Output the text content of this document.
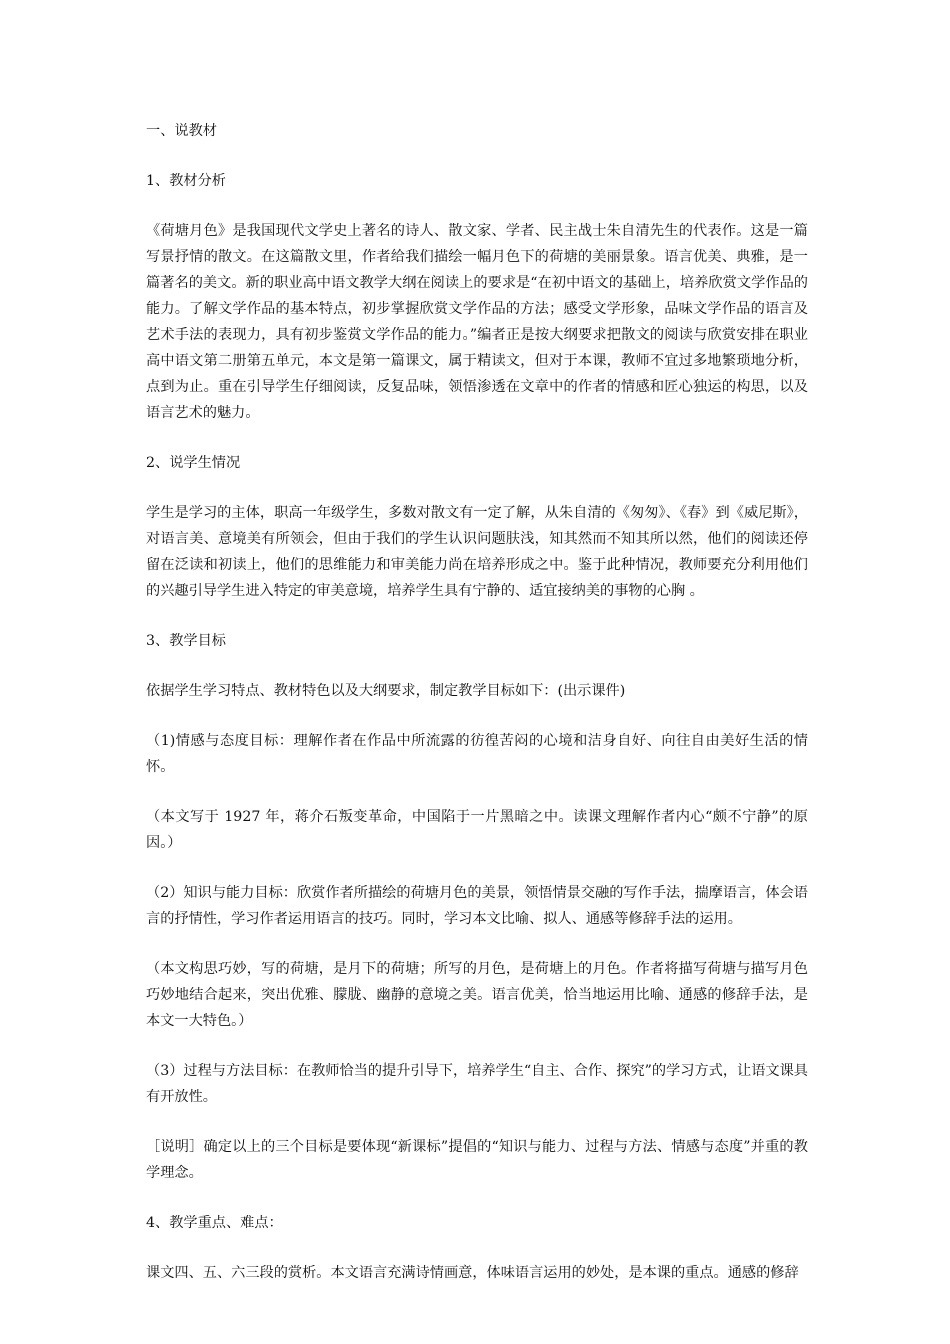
一、说教材

1、教材分析

《荷塘月色》是我国现代文学史上著名的诗人、散文家、学者、民主战士朱自清先生的代表作。这是一篇写景抒情的散文。在这篇散文里，作者给我们描绘一幅月色下的荷塘的美丽景象。语言优美、典雅，是一篇著名的美文。新的职业高中语文教学大纲在阅读上的要求是“在初中语文的基础上，培养欣赏文学作品的能力。了解文学作品的基本特点，初步掌握欣赏文学作品的方法；感受文学形象，品味文学作品的语言及艺术手法的表现力，具有初步鉴赏文学作品的能力。”编者正是按大纲要求把散文的阅读与欣赏安排在职业高中语文第二册第五单元，本文是第一篇课文，属于精读文，但对于本课，教师不宜过多地繁琐地分析，点到为止。重在引导学生仔细阅读，反复品味，领悟渗透在文章中的作者的情感和匠心独运的构思，以及语言艺术的魅力。

2、说学生情况

学生是学习的主体，职高一年级学生，多数对散文有一定了解，从朱自清的《匆匆》、《春》到《威尼斯》，对语言美、意境美有所领会，但由于我们的学生认识问题肤浅，知其然而不知其所以然，他们的阅读还停留在泛读和初读上，他们的思维能力和审美能力尚在培养形成之中。鉴于此种情况，教师要充分利用他们的兴趣引导学生进入特定的审美意境，培养学生具有宁静的、适宜接纳美的事物的心胸 。

3、教学目标

依据学生学习特点、教材特色以及大纲要求，制定教学目标如下：(出示课件)

（1)情感与态度目标：理解作者在作品中所流露的彷徨苦闷的心境和洁身自好、向往自由美好生活的情怀。

（本文写于 1927 年，蒋介石叛变革命，中国陷于一片黑暗之中。读课文理解作者内心“颇不宁静”的原因。）

（2）知识与能力目标：欣赏作者所描绘的荷塘月色的美景，领悟情景交融的写作手法，揣摩语言，体会语言的抒情性，学习作者运用语言的技巧。同时，学习本文比喻、拟人、通感等修辞手法的运用。

（本文构思巧妙，写的荷塘，是月下的荷塘；所写的月色，是荷塘上的月色。作者将描写荷塘与描写月色巧妙地结合起来，突出优雅、朦胧、幽静的意境之美。语言优美，恰当地运用比喻、通感的修辞手法，是本文一大特色。）

（3）过程与方法目标：在教师恰当的提升引导下，培养学生“自主、合作、探究”的学习方式，让语文课具有开放性。

［说明］确定以上的三个目标是要体现“新课标”提倡的“知识与能力、过程与方法、情感与态度”并重的教学理念。

4、教学重点、难点：

课文四、五、六三段的赏析。本文语言充满诗情画意，体味语言运用的妙处，是本课的重点。通感的修辞
